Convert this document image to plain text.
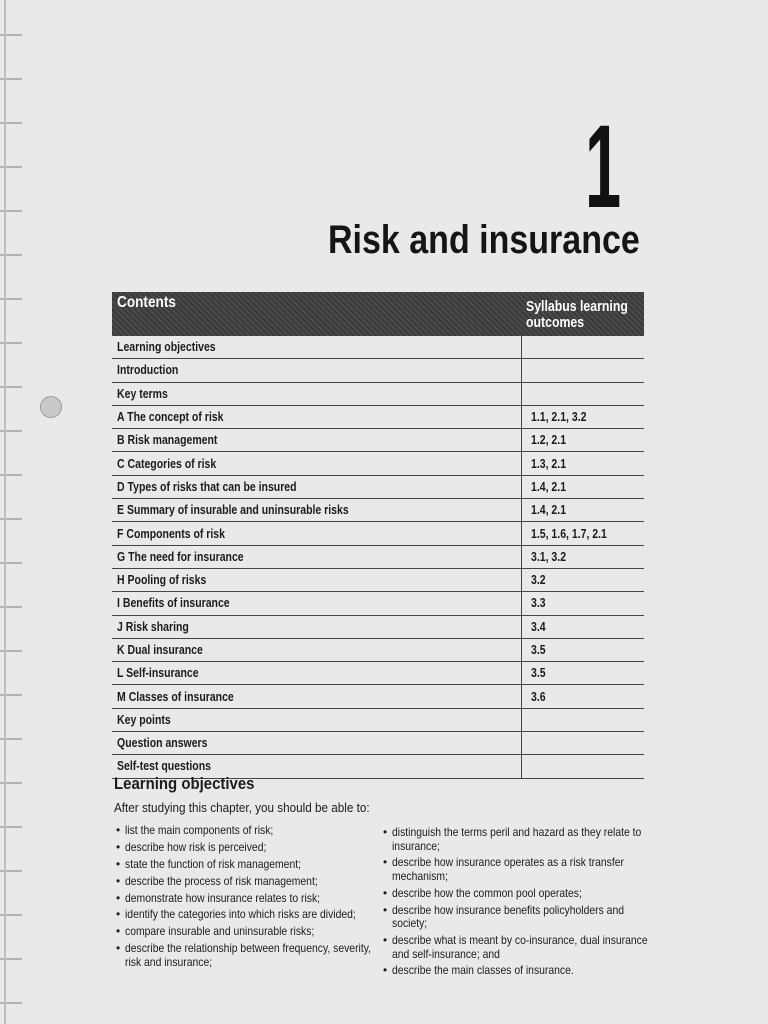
1
Risk and insurance
Contents	Syllabus learning outcomes
Learning objectives
Introduction
Key terms
A The concept of risk	1.1, 2.1, 3.2
B Risk management	1.2, 2.1
C Categories of risk	1.3, 2.1
D Types of risks that can be insured	1.4, 2.1
E Summary of insurable and uninsurable risks	1.4, 2.1
F Components of risk	1.5, 1.6, 1.7, 2.1
G The need for insurance	3.1, 3.2
H Pooling of risks	3.2
I Benefits of insurance	3.3
J Risk sharing	3.4
K Dual insurance	3.5
L Self-insurance	3.5
M Classes of insurance	3.6
Key points
Question answers
Self-test questions
Learning objectives
After studying this chapter, you should be able to:
• list the main components of risk;
• describe how risk is perceived;
• state the function of risk management;
• describe the process of risk management;
• demonstrate how insurance relates to risk;
• identify the categories into which risks are divided;
• compare insurable and uninsurable risks;
• describe the relationship between frequency, severity, risk and insurance;
• distinguish the terms peril and hazard as they relate to insurance;
• describe how insurance operates as a risk transfer mechanism;
• describe how the common pool operates;
• describe how insurance benefits policyholders and society;
• describe what is meant by co-insurance, dual insurance and self-insurance; and
• describe the main classes of insurance.
